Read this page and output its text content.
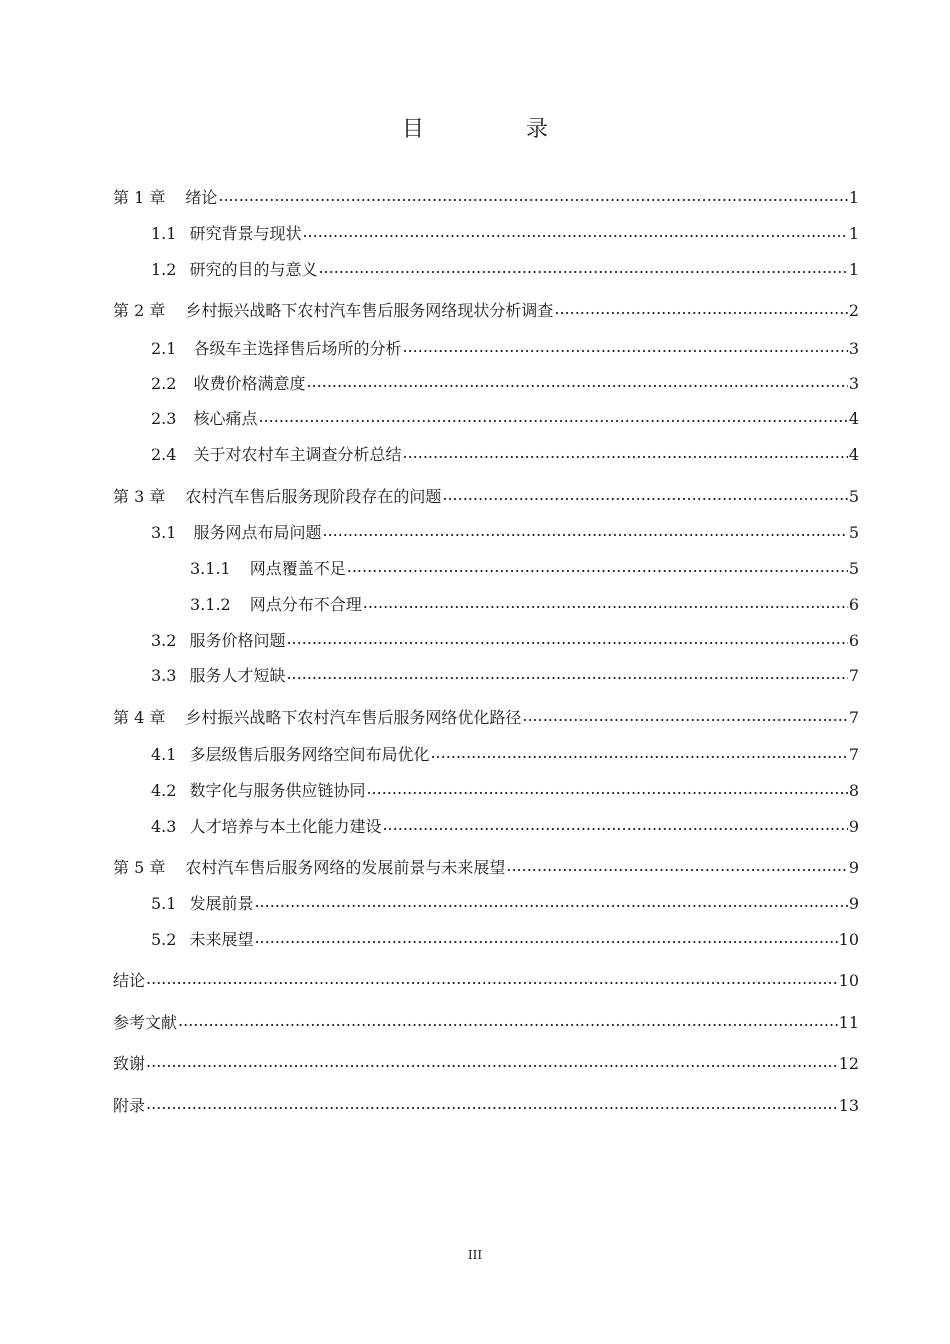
目　录
第 1 章 绪论 .....	1
1.1 研究背景与现状 .....	1
1.2 研究的目的与意义 .....	1
第 2 章 乡村振兴战略下农村汽车售后服务网络现状分析调查 .....	2
2.1 各级车主选择售后场所的分析 .....	3
2.2 收费价格满意度 .....	3
2.3 核心痛点 .....	4
2.4 关于对农村车主调查分析总结 .....	4
第 3 章 农村汽车售后服务现阶段存在的问题 .....	5
3.1 服务网点布局问题 .....	5
3.1.1 网点覆盖不足 .....	5
3.1.2 网点分布不合理 .....	6
3.2 服务价格问题 .....	6
3.3 服务人才短缺 .....	7
第 4 章 乡村振兴战略下农村汽车售后服务网络优化路径 .....	7
4.1 多层级售后服务网络空间布局优化 .....	7
4.2 数字化与服务供应链协同 .....	8
4.3 人才培养与本土化能力建设 .....	9
第 5 章 农村汽车售后服务网络的发展前景与未来展望 .....	9
5.1 发展前景 .....	9
5.2 未来展望 .....	10
结论 .....	10
参考文献 .....	11
致谢 .....	12
附录 .....	13
III
